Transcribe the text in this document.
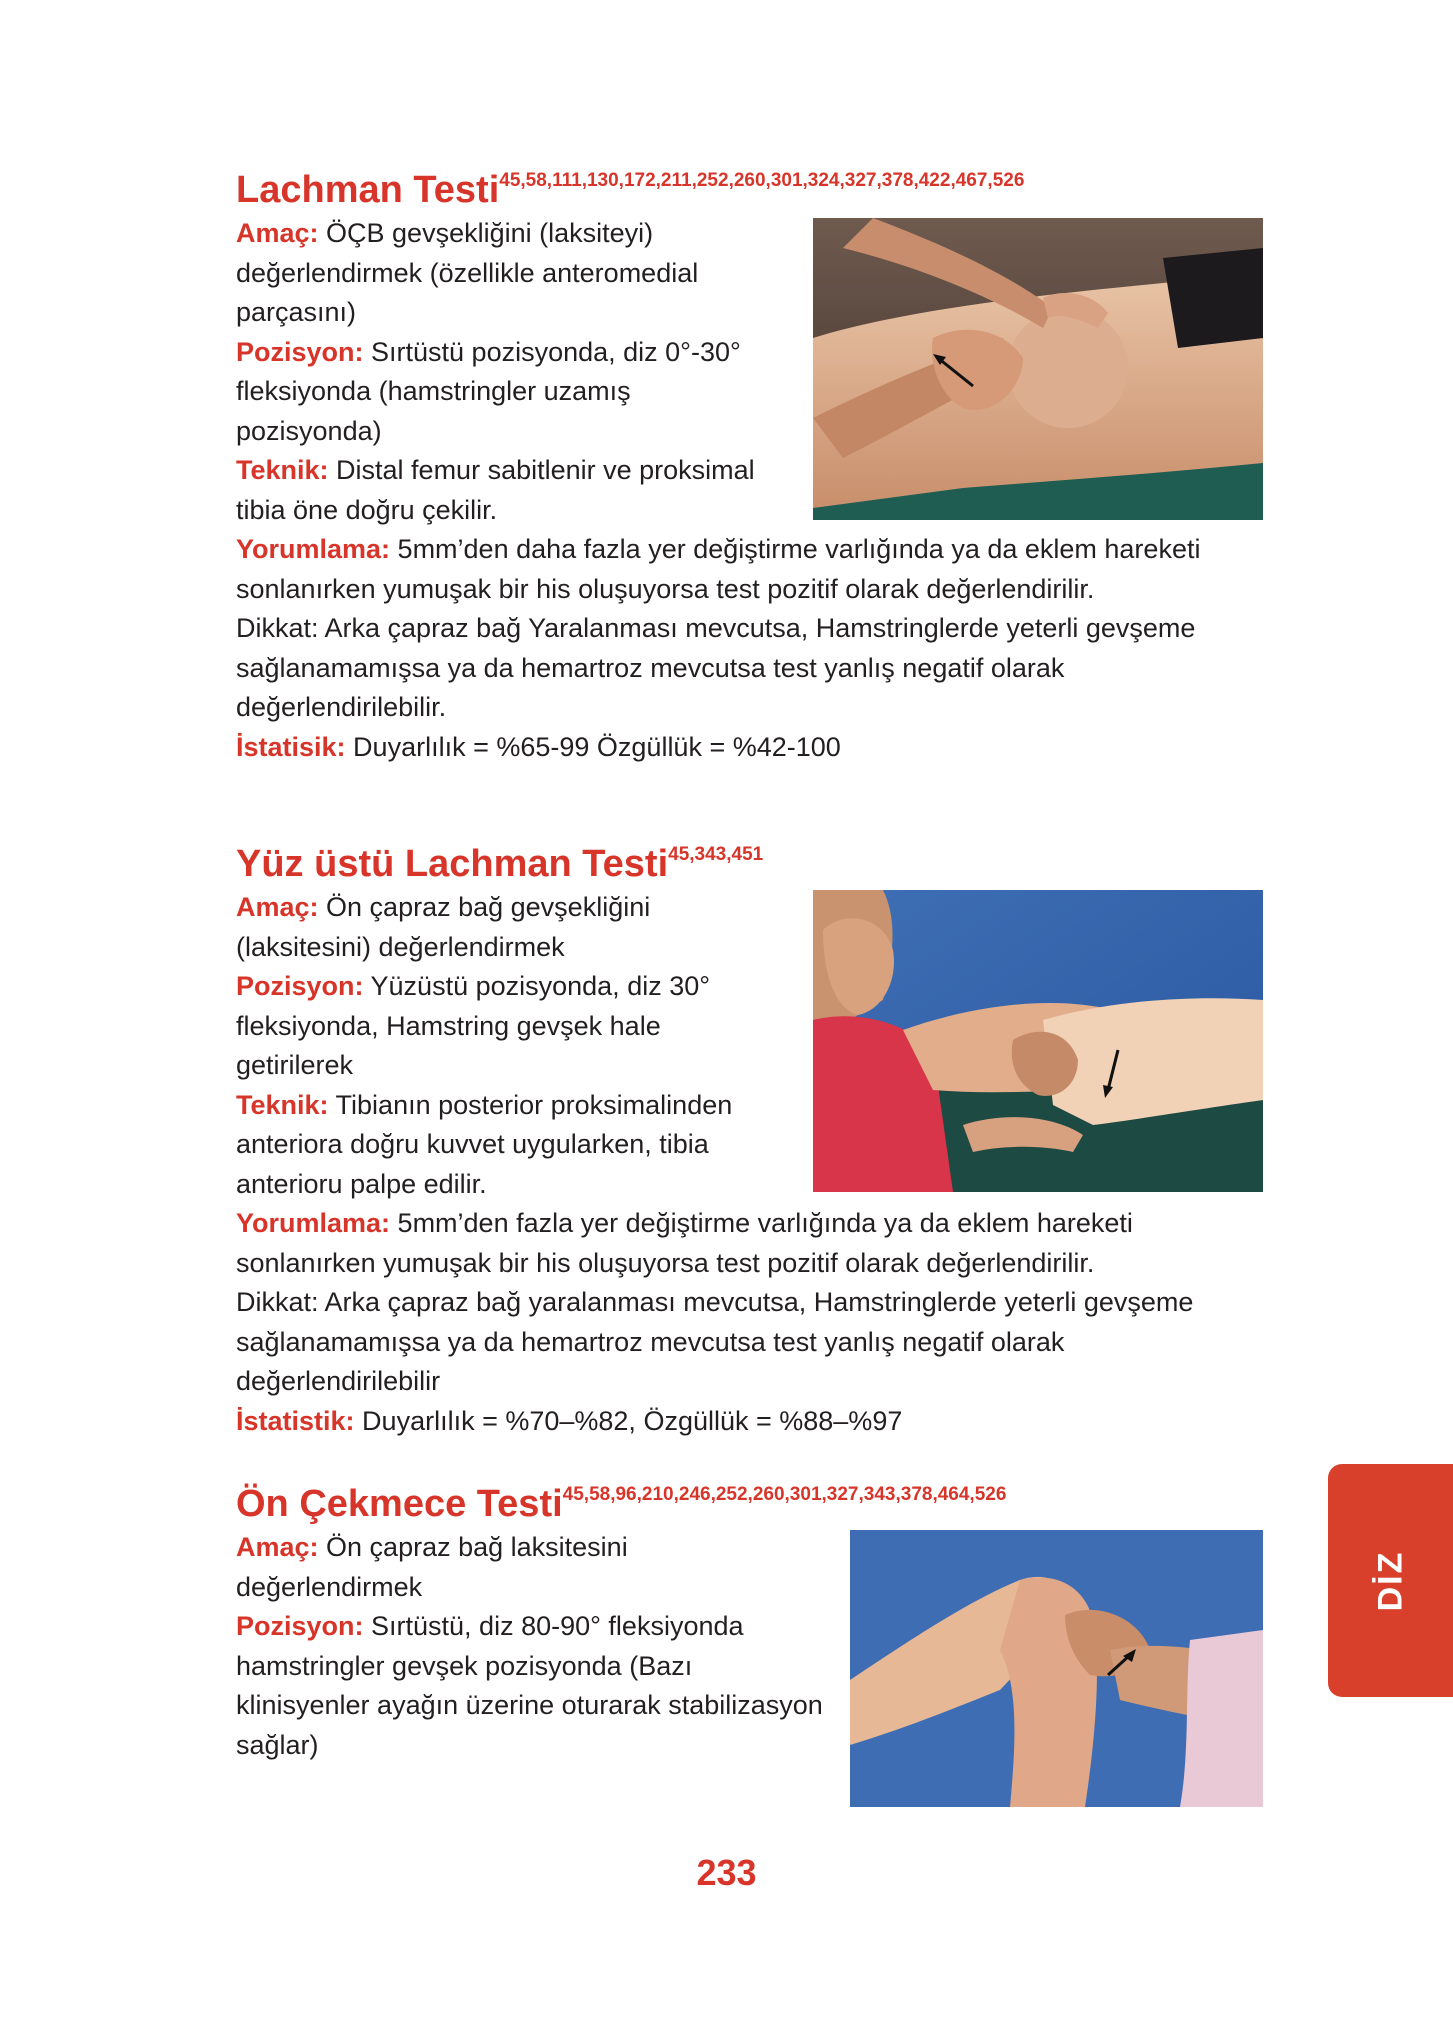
Lachman Testi$^{45,58,111,130,172,211,252,260,301,324,327,378,422,467,526}$

Amaç: ÖÇB gevşekliğini (laksiteyi) değerlendirmek (özellikle anteromedial parçasını)

Pozisyon: Sırtüstü pozisyonda, diz 0°-30° fleksiyonda (hamstringler uzamış pozisyonda)

Teknik: Distal femur sabitlenir ve proksimal tibia öne doğru çekilir.

Yorumlama: 5mm’den daha fazla yer değiştirme varlığında ya da eklem hareketi sonlanırken yumuşak bir his oluşuyorsa test pozitif olarak değerlendirilir.

Dikkat: Arka çapraz bağ Yaralanması mevcutsa, Hamstringlerde yeterli gevşeme sağlanamamışsa ya da hemartroz mevcutsa test yanlış negatif olarak değerlendirilebilir.

İstatisik: Duyarlılık = %65-99 Özgüllük = %42-100

Yüz üstü Lachman Testi$^{45,343,451}$

Amaç: Ön çapraz bağ gevşekliğini (laksitesini) değerlendirmek

Pozisyon: Yüzüstü pozisyonda, diz 30° fleksiyonda, Hamstring gevşek hale getirilerek

Teknik: Tibianın posterior proksimalinden anteriora doğru kuvvet uygularken, tibia anterioru palpe edilir.

Yorumlama: 5mm’den fazla yer değiştirme varlığında ya da eklem hareketi sonlanırken yumuşak bir his oluşuyorsa test pozitif olarak değerlendirilir.

Dikkat: Arka çapraz bağ yaralanması mevcutsa, Hamstringlerde yeterli gevşeme sağlanamamışsa ya da hemartroz mevcutsa test yanlış negatif olarak değerlendirilebilir

İstatistik: Duyarlılık = %70–%82, Özgüllük = %88–%97

Ön Çekmece Testi$^{45,58,96,210,246,252,260,301,327,343,378,464,526}$

Amaç: Ön çapraz bağ laksitesini değerlendirmek

Pozisyon: Sırtüstü, diz 80-90° fleksiyonda hamstringler gevşek pozisyonda (Bazı klinisyenler ayağın üzerine oturarak stabilizasyon sağlar)

DİZ
233
